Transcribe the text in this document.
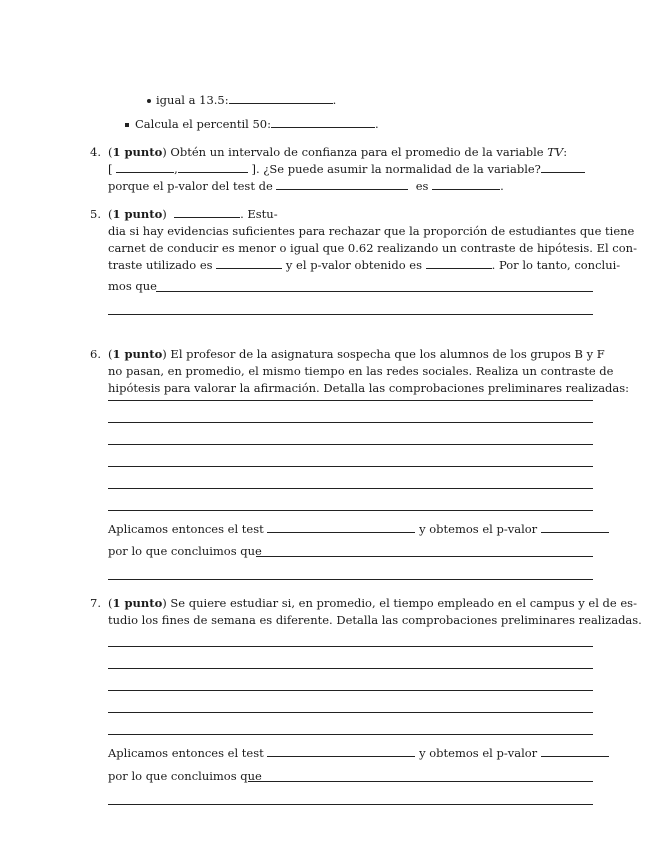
igual a 13.5:	.
Calcula el percentil 50:	.
4. (1 punto) Obtén un intervalo de confianza para el promedio de la variable TV:
[	,	]. ¿Se puede asumir la normalidad de la variable?
porque el p-valor del test de	es	.
5. (1 punto)	. Estu-
dia si hay evidencias suficientes para rechazar que la proporción de estudiantes que tiene
carnet de conducir es menor o igual que 0.62 realizando un contraste de hipótesis. El con-
traste utilizado es	y el p-valor obtenido es	. Por lo tanto, conclui-
mos que
6. (1 punto) El profesor de la asignatura sospecha que los alumnos de los grupos B y F
no pasan, en promedio, el mismo tiempo en las redes sociales. Realiza un contraste de
hipótesis para valorar la afirmación. Detalla las comprobaciones preliminares realizadas:
Aplicamos entonces el test	y obtemos el p-valor
por lo que concluimos que
7. (1 punto) Se quiere estudiar si, en promedio, el tiempo empleado en el campus y el de es-
tudio los fines de semana es diferente. Detalla las comprobaciones preliminares realizadas.
Aplicamos entonces el test	y obtemos el p-valor
por lo que concluimos que
